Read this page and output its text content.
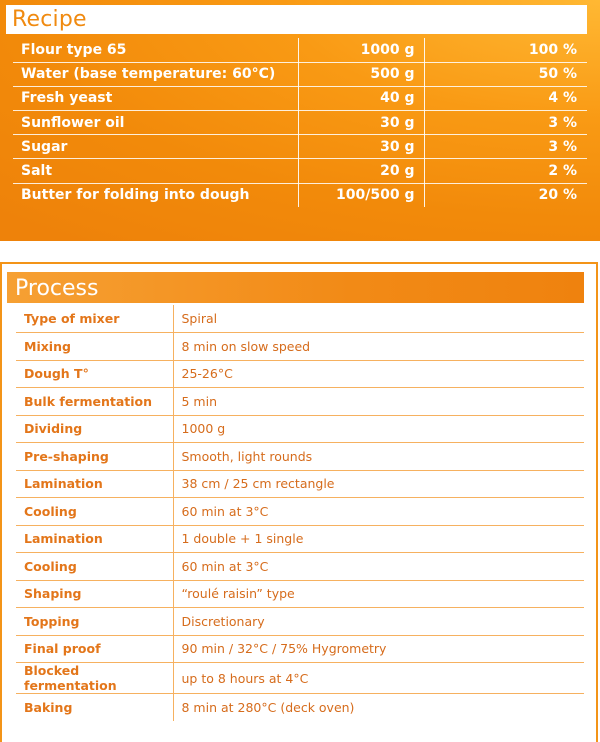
Recipe
Flour type 65	1000 g	100 %
Water (base temperature: 60°C)	500 g	50 %
Fresh yeast	40 g	4 %
Sunflower oil	30 g	3 %
Sugar	30 g	3 %
Salt	20 g	2 %
Butter for folding into dough	100/500 g	20 %
Process
Type of mixer	Spiral
Mixing	8 min on slow speed
Dough T°	25-26°C
Bulk fermentation	5 min
Dividing	1000 g
Pre-shaping	Smooth, light rounds
Lamination	38 cm / 25 cm rectangle
Cooling	60 min at 3°C
Lamination	1 double + 1 single
Cooling	60 min at 3°C
Shaping	“roulé raisin” type
Topping	Discretionary
Final proof	90 min / 32°C / 75% Hygrometry
Blocked fermentation	up to 8 hours at 4°C
Baking	8 min at 280°C (deck oven)
